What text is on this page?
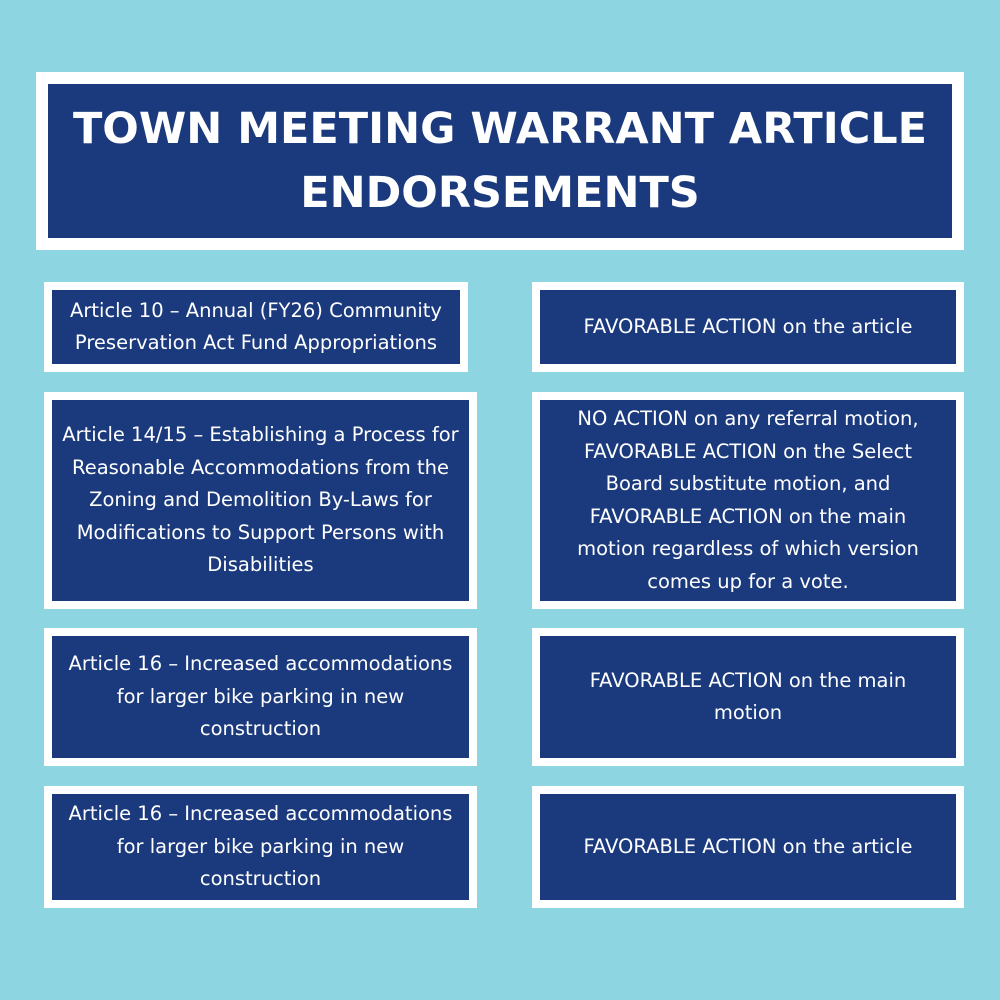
TOWN MEETING WARRANT ARTICLE
ENDORSEMENTS
Article 10 – Annual (FY26) Community
Preservation Act Fund Appropriations
FAVORABLE ACTION on the article
Article 14/15 – Establishing a Process for
Reasonable Accommodations from the
Zoning and Demolition By-Laws for
Modifications to Support Persons with
Disabilities
NO ACTION on any referral motion,
FAVORABLE ACTION on the Select
Board substitute motion, and
FAVORABLE ACTION on the main
motion regardless of which version
comes up for a vote.
Article 16 – Increased accommodations
for larger bike parking in new
construction
FAVORABLE ACTION on the main
motion
Article 16 – Increased accommodations
for larger bike parking in new
construction
FAVORABLE ACTION on the article
